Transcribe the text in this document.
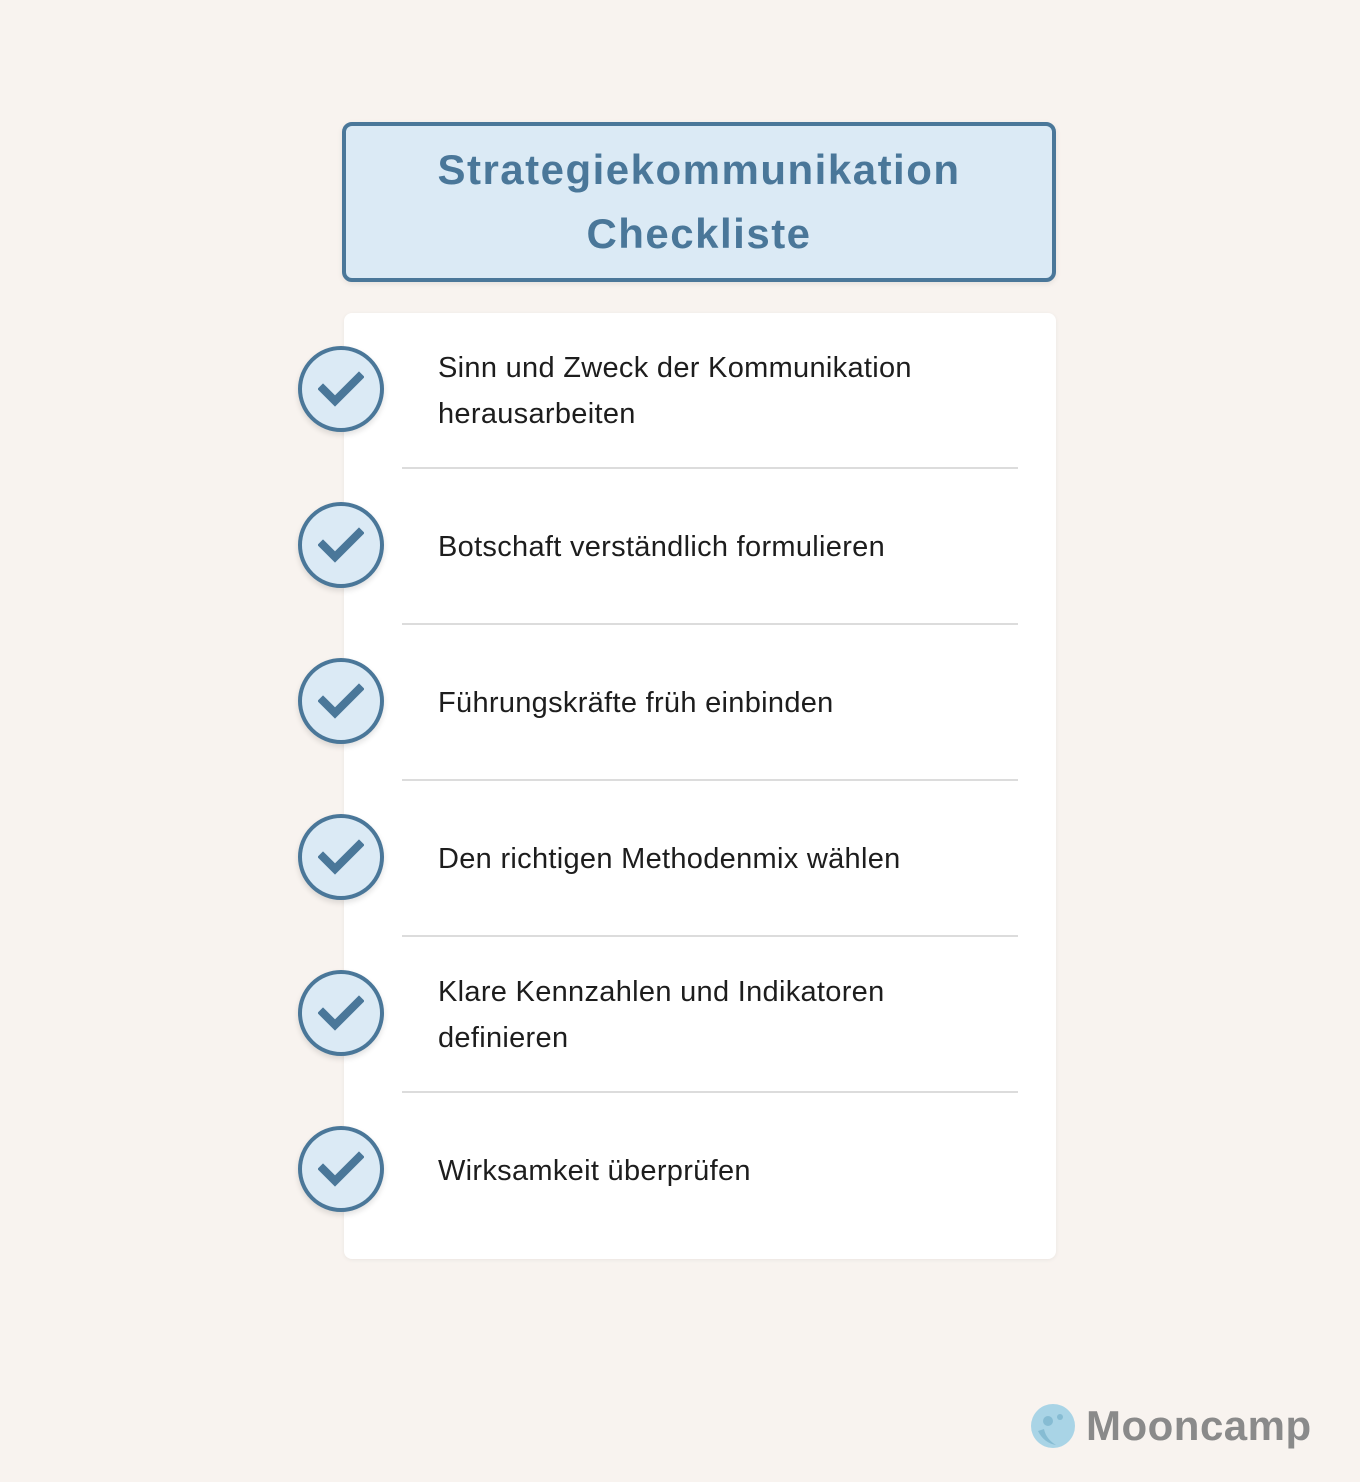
Strategiekommunikation
Checkliste
Sinn und Zweck der Kommunikation herausarbeiten
Botschaft verständlich formulieren
Führungskräfte früh einbinden
Den richtigen Methodenmix wählen
Klare Kennzahlen und Indikatoren definieren
Wirksamkeit überprüfen
Mooncamp
